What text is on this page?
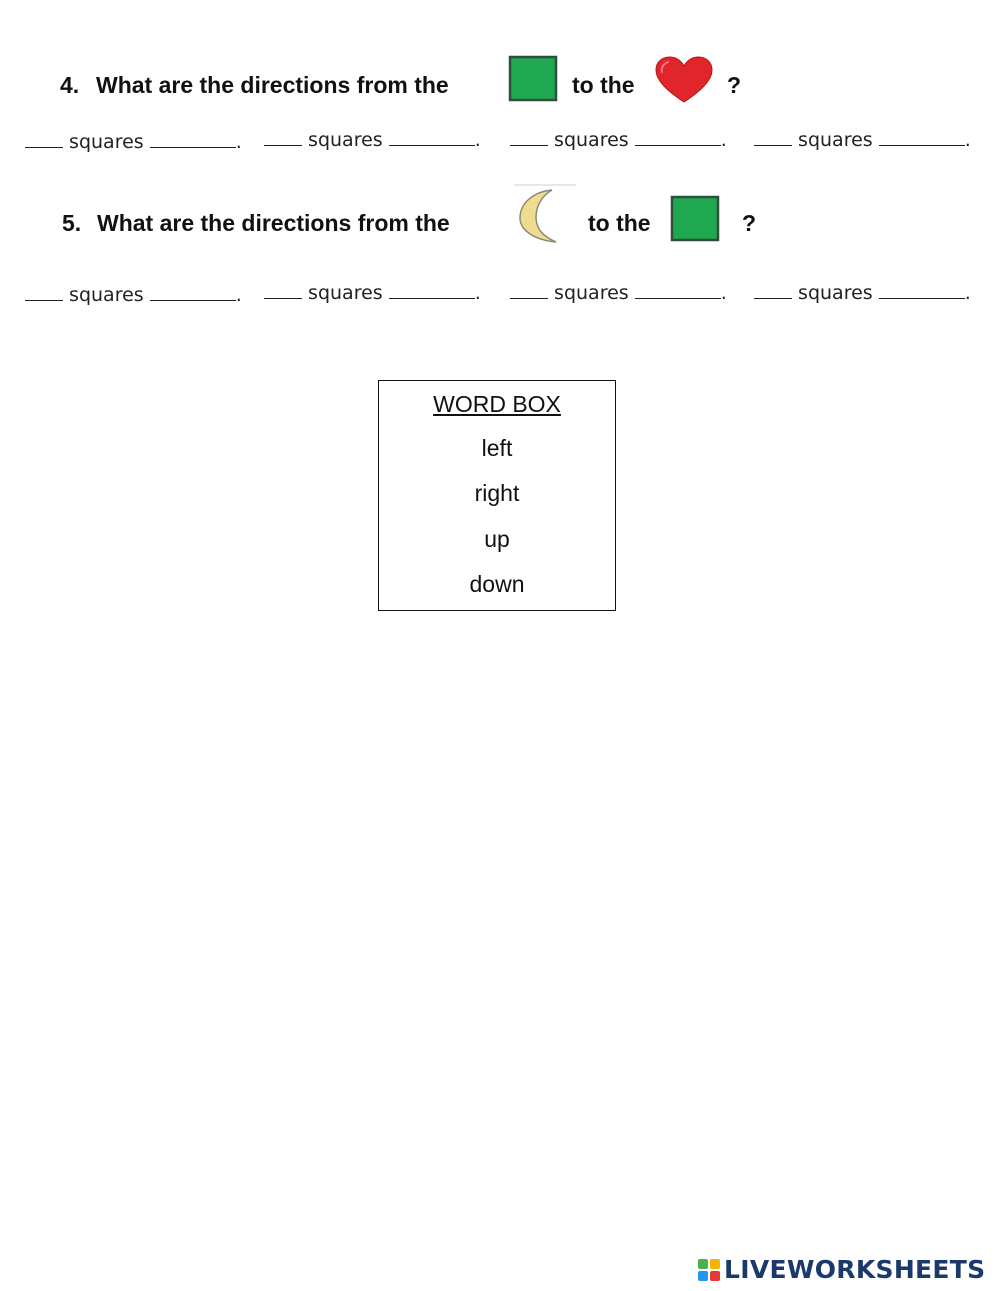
4. What are the directions from the	to the	?
squares	.	squares	.	squares	.	squares	.
5. What are the directions from the	to the	?
squares	.	squares	.	squares	.	squares	.
WORD BOX
left
right
up
down
LIVEWORKSHEETS
